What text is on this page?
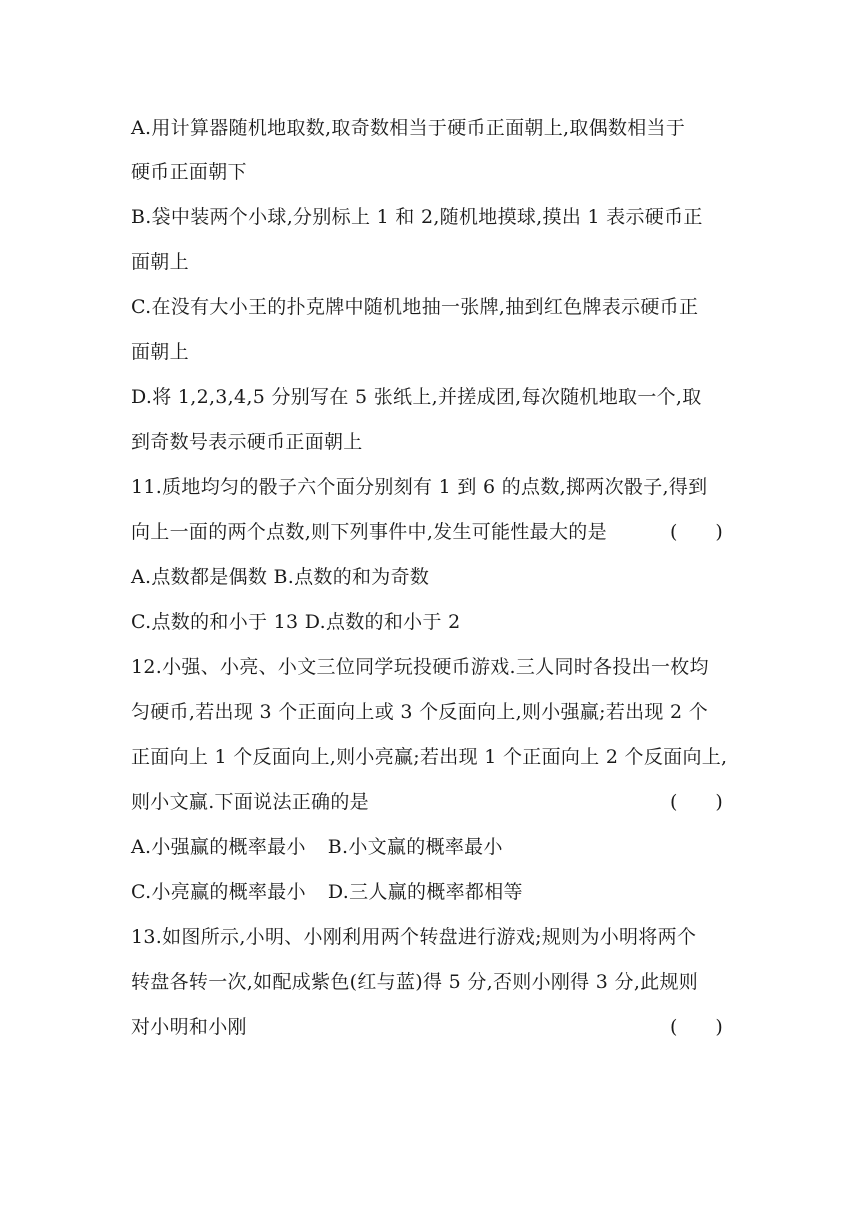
A.用计算器随机地取数,取奇数相当于硬币正面朝上,取偶数相当于
硬币正面朝下
B.袋中装两个小球,分别标上 1 和 2,随机地摸球,摸出 1 表示硬币正
面朝上
C.在没有大小王的扑克牌中随机地抽一张牌,抽到红色牌表示硬币正
面朝上
D.将 1,2,3,4,5 分别写在 5 张纸上,并搓成团,每次随机地取一个,取
到奇数号表示硬币正面朝上
11.质地均匀的骰子六个面分别刻有 1 到 6 的点数,掷两次骰子,得到
向上一面的两个点数,则下列事件中,发生可能性最大的是	(　　)
A.点数都是偶数 B.点数的和为奇数
C.点数的和小于 13 D.点数的和小于 2
12.小强、小亮、小文三位同学玩投硬币游戏.三人同时各投出一枚均
匀硬币,若出现 3 个正面向上或 3 个反面向上,则小强赢;若出现 2 个
正面向上 1 个反面向上,则小亮赢;若出现 1 个正面向上 2 个反面向上,
则小文赢.下面说法正确的是	(　　)
A.小强赢的概率最小 B.小文赢的概率最小
C.小亮赢的概率最小 D.三人赢的概率都相等
13.如图所示,小明、小刚利用两个转盘进行游戏;规则为小明将两个
转盘各转一次,如配成紫色(红与蓝)得 5 分,否则小刚得 3 分,此规则
对小明和小刚	(　　)
